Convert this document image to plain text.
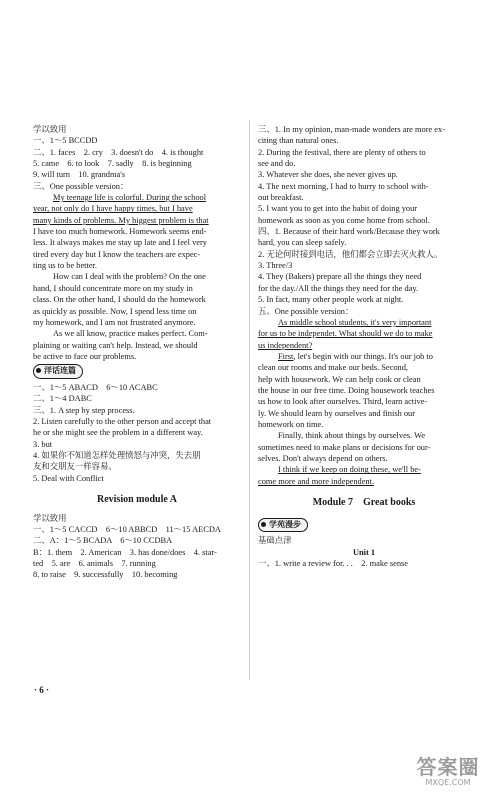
学以致用
一、1～5 BCCDD
二、1. faces　2. cry　3. doesn't do　4. is thought
5. came　6. to look　7. sadly　8. is beginning
9. will turn　10. grandma's
三、One possible version：
My teenage life is colorful. During the school
year, not only do I have happy times, but I have
many kinds of problems. My biggest problem is that
I have too much homework. Homework seems end-
less. It always makes me stay up late and I feel very
tired every day but I know the teachers are expec-
ting us to be better.
How can I deal with the problem? On the one
hand, I should concentrate more on my study in
class. On the other hand, I should do the homework
as quickly as possible. Now, I spend less time on
my homework, and I am not frustrated anymore.
As we all know, practice makes perfect. Com-
plaining or waiting can't help. Instead, we should
be active to face our problems.
洋话连篇
一、1～5 ABACD　6～10 ACABC
二、1～4 DABC
三、1. A step by step process.
2. Listen carefully to the other person and accept that
he or she might see the problem in a different way.
3. but
4. 如果你不知道怎样处理愤怒与冲突，失去朋
友和交朋友一样容易。
5. Deal with Conflict
Revision module A
学以致用
一、1～5 CACCD　6～10 ABBCD　11～15 AECDA
二、A：1～5 BCADA　6～10 CCDBA
B：1. them　2. American　3. has done/does　4. star-
ted　5. are　6. animals　7. running
8. to raise　9. successfully　10. becoming
三、1. In my opinion, man-made wonders are more ex-
citing than natural ones.
2. During the festival, there are plenty of others to
see and do.
3. Whatever she does, she never gives up.
4. The next morning, I had to hurry to school with-
out breakfast.
5. I want you to get into the habit of doing your
homework as soon as you come home from school.
四、1. Because of their hard work/Because they work
hard, you can sleep safely.
2. 无论何时接到电话，他们都会立即去灭火救人。
3. Three/3
4. They (Bakers) prepare all the things they need
for the day./All the things they need for the day.
5. In fact, many other people work at night.
五、One possible version：
As middle school students, it's very important
for us to be independet. What should we do to make
us independent?
First, let's begin with our things. It's our job to
clean our rooms and make our beds. Second,
help with housework. We can help cook or clean
the house in our free time. Doing housework teaches
us how to look after ourselves. Third, learn active-
ly. We should learn by ourselves and finish our
homework on time.
Finally, think about things by ourselves. We
sometimes need to make plans or decisions for our-
selves. Don't always depend on others.
I think if we keep on doing these, we'll be-
come more and more independent.
Module 7　Great books
学苑漫步
基础点津
Unit 1
一、1. write a review for. . .　2. make sense
· 6 ·
答案圈
MXQE.COM
